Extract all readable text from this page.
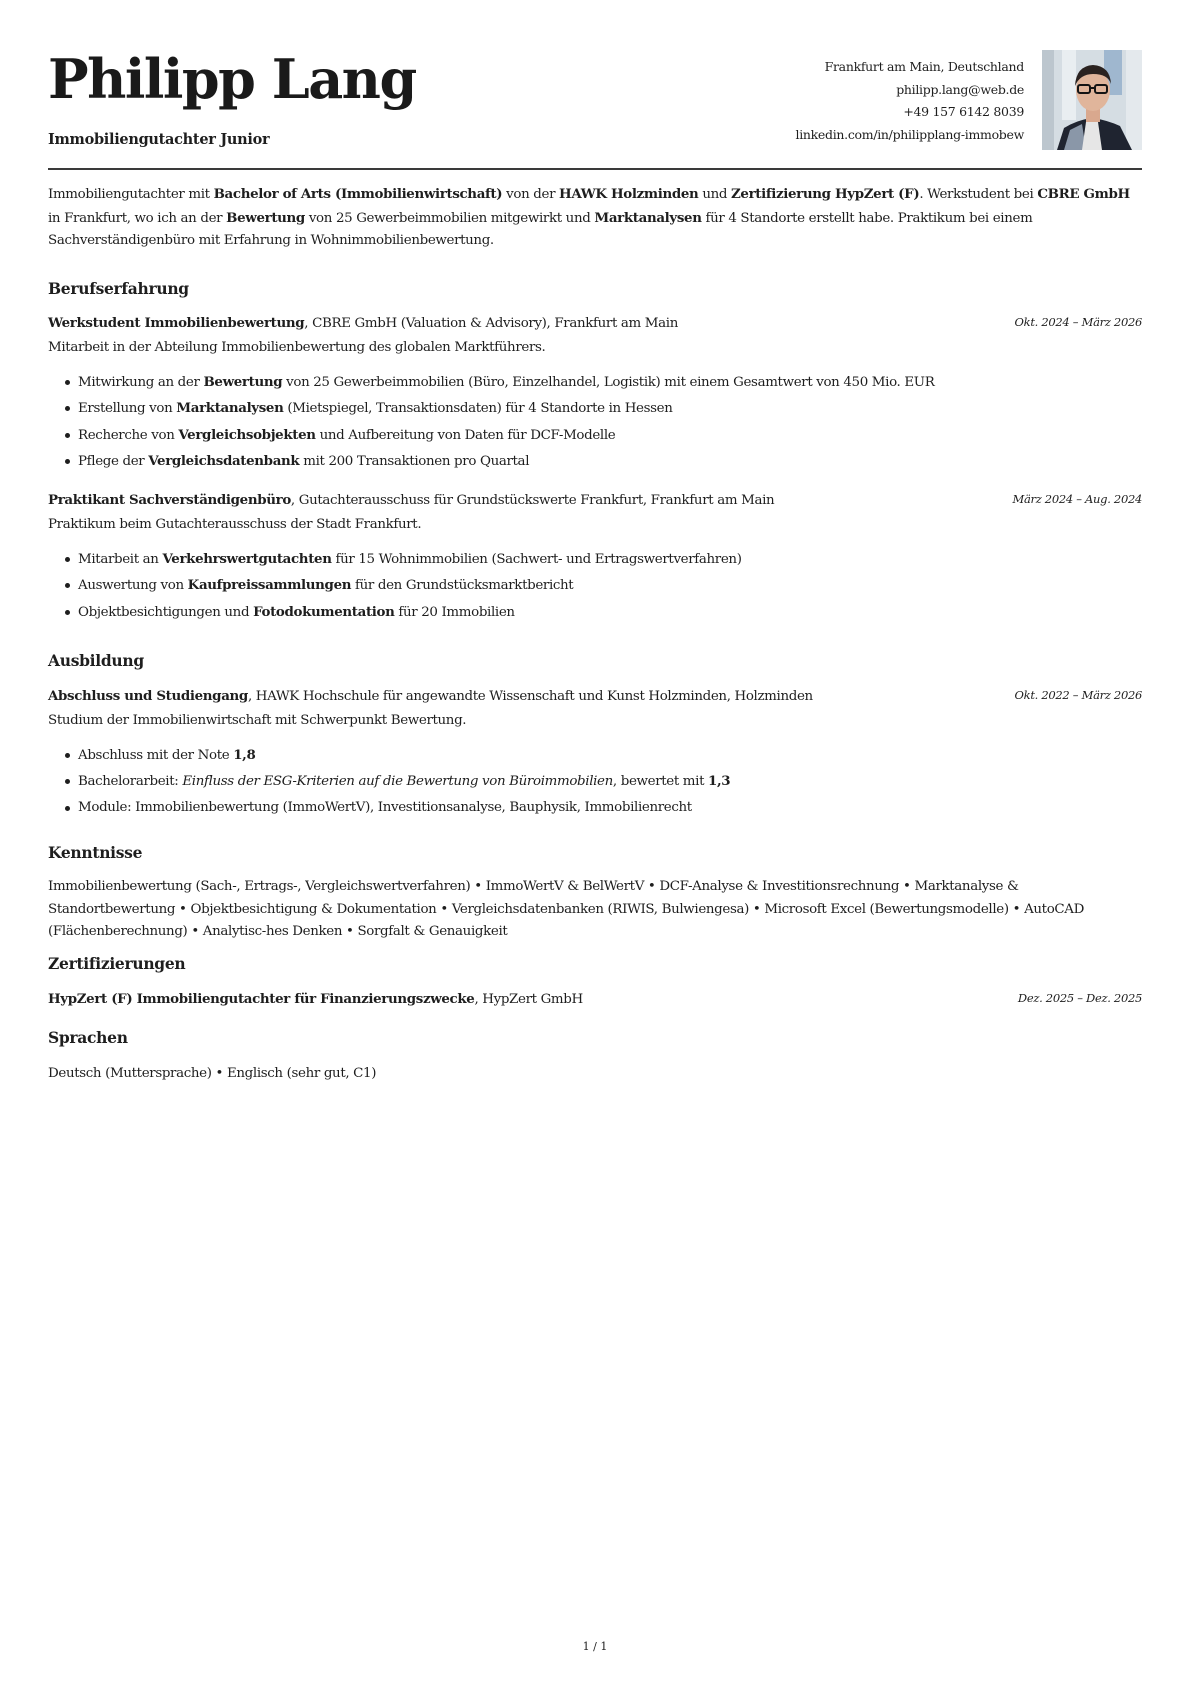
Philipp Lang
Immobiliengutachter Junior
Frankfurt am Main, Deutschland
philipp.lang@web.de
+49 157 6142 8039
linkedin.com/in/philipplang-immobew

Immobiliengutachter mit Bachelor of Arts (Immobilienwirtschaft) von der HAWK Holzminden und Zertifizierung HypZert (F). Werkstudent bei CBRE GmbH in Frankfurt, wo ich an der Bewertung von 25 Gewerbeimmobilien mitgewirkt und Marktanalysen für 4 Standorte erstellt habe. Praktikum bei einem Sachverständigenbüro mit Erfahrung in Wohnimmobilienbewertung.

Berufserfahrung
Werkstudent Immobilienbewertung, CBRE GmbH (Valuation & Advisory), Frankfurt am Main	Okt. 2024 – März 2026
Mitarbeit in der Abteilung Immobilienbewertung des globalen Marktführers.
Mitwirkung an der Bewertung von 25 Gewerbeimmobilien (Büro, Einzelhandel, Logistik) mit einem Gesamtwert von 450 Mio. EUR
Erstellung von Marktanalysen (Mietspiegel, Transaktionsdaten) für 4 Standorte in Hessen
Recherche von Vergleichsobjekten und Aufbereitung von Daten für DCF-Modelle
Pflege der Vergleichsdatenbank mit 200 Transaktionen pro Quartal
Praktikant Sachverständigenbüro, Gutachterausschuss für Grundstückswerte Frankfurt, Frankfurt am Main	März 2024 – Aug. 2024
Praktikum beim Gutachterausschuss der Stadt Frankfurt.
Mitarbeit an Verkehrswertgutachten für 15 Wohnimmobilien (Sachwert- und Ertragswertverfahren)
Auswertung von Kaufpreissammlungen für den Grundstücksmarktbericht
Objektbesichtigungen und Fotodokumentation für 20 Immobilien
Ausbildung
Abschluss und Studiengang, HAWK Hochschule für angewandte Wissenschaft und Kunst Holzminden, Holzminden	Okt. 2022 – März 2026
Studium der Immobilienwirtschaft mit Schwerpunkt Bewertung.
Abschluss mit der Note 1,8
Bachelorarbeit: Einfluss der ESG-Kriterien auf die Bewertung von Büroimmobilien, bewertet mit 1,3
Module: Immobilienbewertung (ImmoWertV), Investitionsanalyse, Bauphysik, Immobilienrecht
Kenntnisse
Immobilienbewertung (Sach-, Ertrags-, Vergleichswertverfahren) • ImmoWertV & BelWertV • DCF-Analyse & Investitionsrechnung • Marktanalyse & Standortbewertung • Objektbesichtigung & Dokumentation • Vergleichsdatenbanken (RIWIS, Bulwiengesa) • Microsoft Excel (Bewertungsmodelle) • AutoCAD (Flächenberechnung) • Analytisc-hes Denken • Sorgfalt & Genauigkeit
Zertifizierungen
HypZert (F) Immobiliengutachter für Finanzierungszwecke, HypZert GmbH	Dez. 2025 – Dez. 2025
Sprachen
Deutsch (Muttersprache) • Englisch (sehr gut, C1)
1 / 1
